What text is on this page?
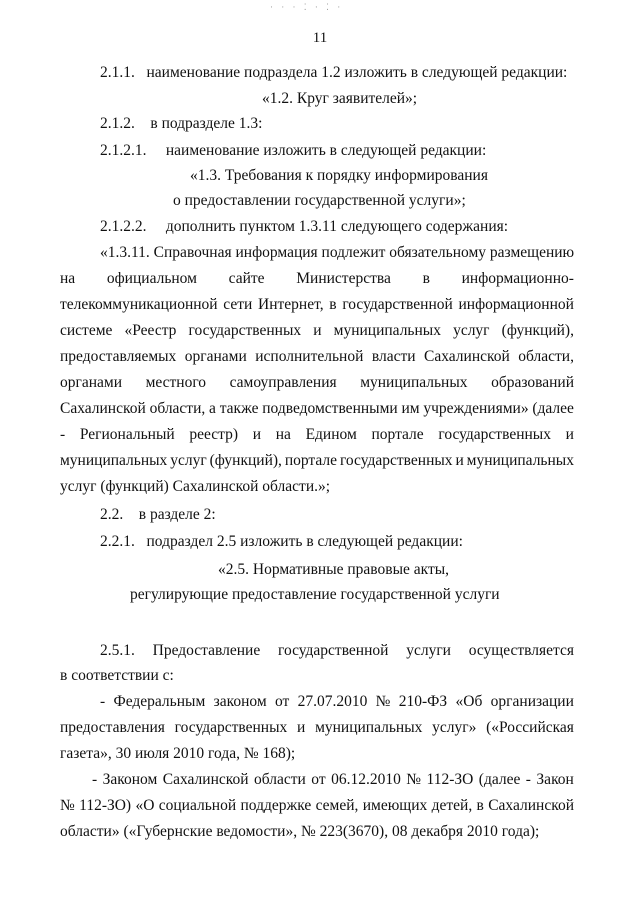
· · · ⁚ · ⁚ ·
11
2.1.1. наименование подраздела 1.2 изложить в следующей редакции:
«1.2. Круг заявителей»;
2.1.2. в подразделе 1.3:
2.1.2.1. наименование изложить в следующей редакции:
«1.3. Требования к порядку информирования
о предоставлении государственной услуги»;
2.1.2.2. дополнить пунктом 1.3.11 следующего содержания:
«1.3.11. Справочная информация подлежит обязательному размещению
на официальном сайте Министерства в информационно-
телекоммуникационной сети Интернет, в государственной информационной
системе «Реестр государственных и муниципальных услуг (функций),
предоставляемых органами исполнительной власти Сахалинской области,
органами местного самоуправления муниципальных образований
Сахалинской области, а также подведомственными им учреждениями» (далее
- Региональный реестр) и на Едином портале государственных и
муниципальных услуг (функций), портале государственных и муниципальных
услуг (функций) Сахалинской области.»;
2.2. в разделе 2:
2.2.1. подраздел 2.5 изложить в следующей редакции:
«2.5. Нормативные правовые акты,
регулирующие предоставление государственной услуги
2.5.1. Предоставление государственной услуги осуществляется
в соответствии с:
- Федеральным законом от 27.07.2010 № 210-ФЗ «Об организации
предоставления государственных и муниципальных услуг» («Российская
газета», 30 июля 2010 года, № 168);
- Законом Сахалинской области от 06.12.2010 № 112-ЗО (далее - Закон
№ 112-ЗО) «О социальной поддержке семей, имеющих детей, в Сахалинской
области» («Губернские ведомости», № 223(3670), 08 декабря 2010 года);
